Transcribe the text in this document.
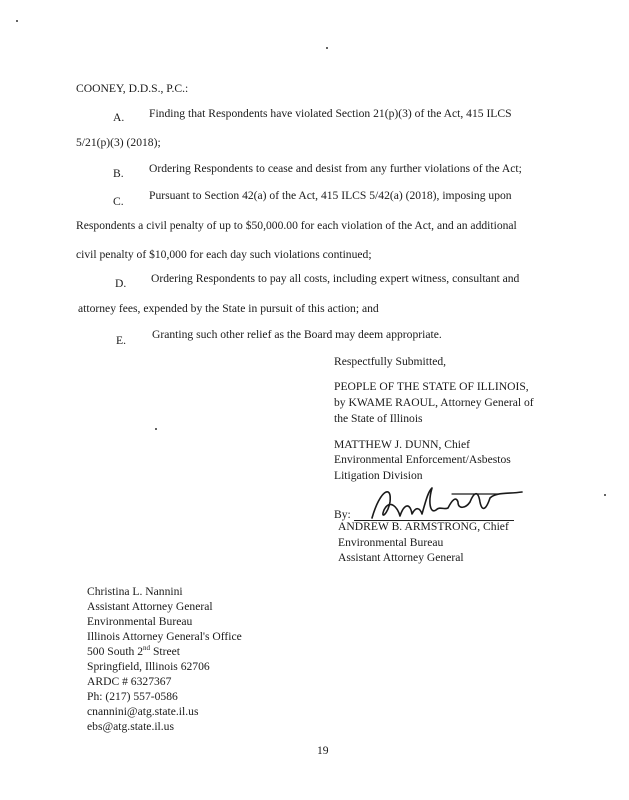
COONEY, D.D.S., P.C.:
A. Finding that Respondents have violated Section 21(p)(3) of the Act, 415 ILCS
5/21(p)(3) (2018);
B. Ordering Respondents to cease and desist from any further violations of the Act;
C. Pursuant to Section 42(a) of the Act, 415 ILCS 5/42(a) (2018), imposing upon
Respondents a civil penalty of up to $50,000.00 for each violation of the Act, and an additional
civil penalty of $10,000 for each day such violations continued;
D. Ordering Respondents to pay all costs, including expert witness, consultant and
attorney fees, expended by the State in pursuit of this action; and
E. Granting such other relief as the Board may deem appropriate.
Respectfully Submitted,
PEOPLE OF THE STATE OF ILLINOIS,
by KWAME RAOUL, Attorney General of
the State of Illinois
MATTHEW J. DUNN, Chief
Environmental Enforcement/Asbestos
Litigation Division
By:
ANDREW B. ARMSTRONG, Chief
Environmental Bureau
Assistant Attorney General
Christina L. Nannini
Assistant Attorney General
Environmental Bureau
Illinois Attorney General's Office
500 South 2nd Street
Springfield, Illinois 62706
ARDC # 6327367
Ph: (217) 557-0586
cnannini@atg.state.il.us
ebs@atg.state.il.us
19
